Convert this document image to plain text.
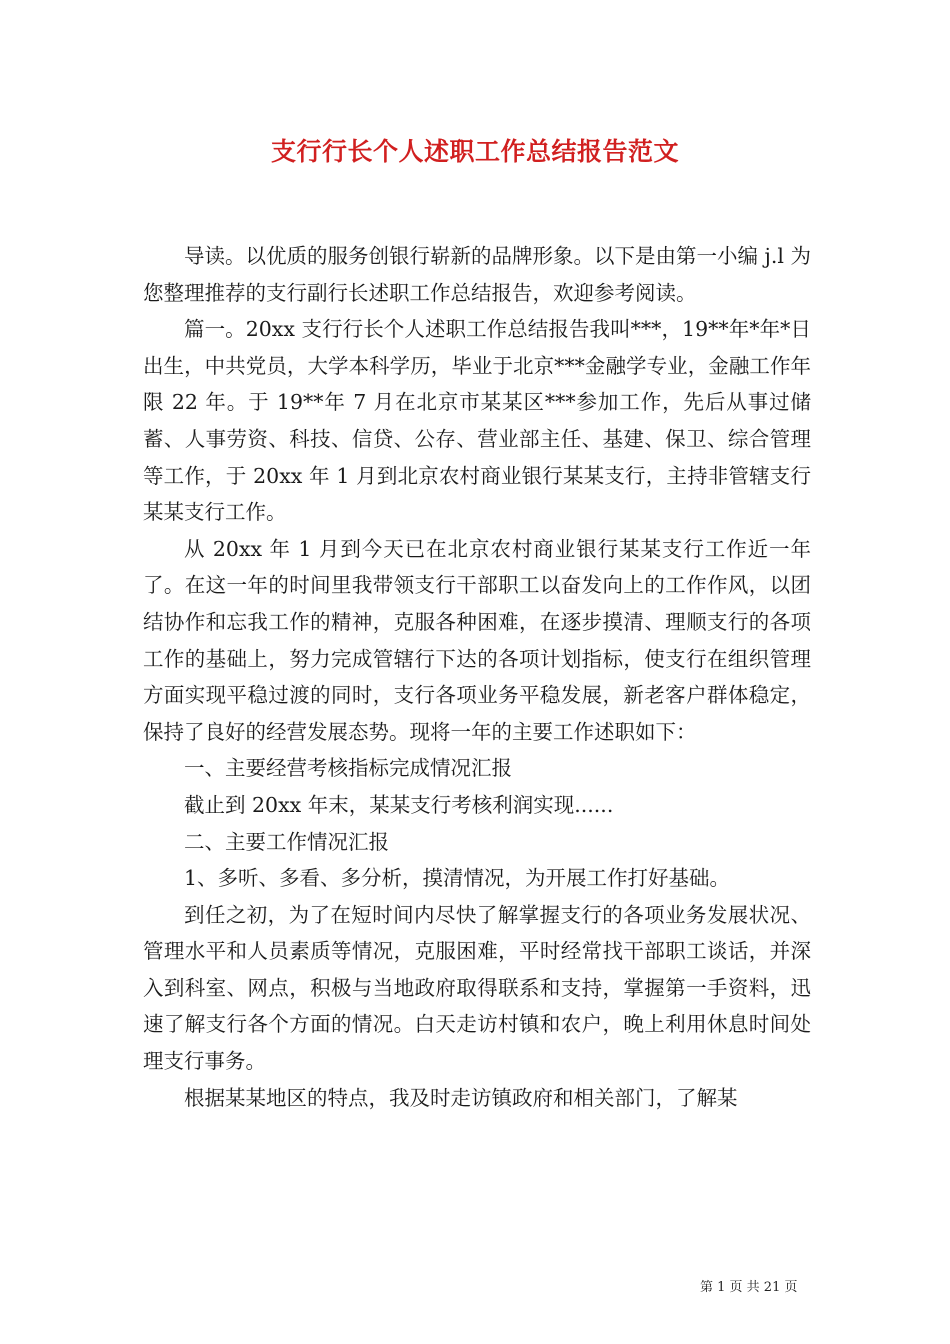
支行行长个人述职工作总结报告范文

导读。以优质的服务创银行崭新的品牌形象。以下是由第一小编 j.l 为您整理推荐的支行副行长述职工作总结报告，欢迎参考阅读。

篇一。20xx 支行行长个人述职工作总结报告我叫***，19**年*年*日出生，中共党员，大学本科学历，毕业于北京***金融学专业，金融工作年限 22 年。于 19**年 7 月在北京市某某区***参加工作，先后从事过储蓄、人事劳资、科技、信贷、公存、营业部主任、基建、保卫、综合管理等工作，于 20xx 年 1 月到北京农村商业银行某某支行，主持非管辖支行某某支行工作。

从 20xx 年 1 月到今天已在北京农村商业银行某某支行工作近一年了。在这一年的时间里我带领支行干部职工以奋发向上的工作作风，以团结协作和忘我工作的精神，克服各种困难，在逐步摸清、理顺支行的各项工作的基础上，努力完成管辖行下达的各项计划指标，使支行在组织管理方面实现平稳过渡的同时，支行各项业务平稳发展，新老客户群体稳定，保持了良好的经营发展态势。现将一年的主要工作述职如下：

一、主要经营考核指标完成情况汇报

截止到 20xx 年末，某某支行考核利润实现......

二、主要工作情况汇报

1、多听、多看、多分析，摸清情况，为开展工作打好基础。

到任之初，为了在短时间内尽快了解掌握支行的各项业务发展状况、管理水平和人员素质等情况，克服困难，平时经常找干部职工谈话，并深入到科室、网点，积极与当地政府取得联系和支持，掌握第一手资料，迅速了解支行各个方面的情况。白天走访村镇和农户，晚上利用休息时间处理支行事务。

根据某某地区的特点，我及时走访镇政府和相关部门，了解某

第 1 页 共 21 页
